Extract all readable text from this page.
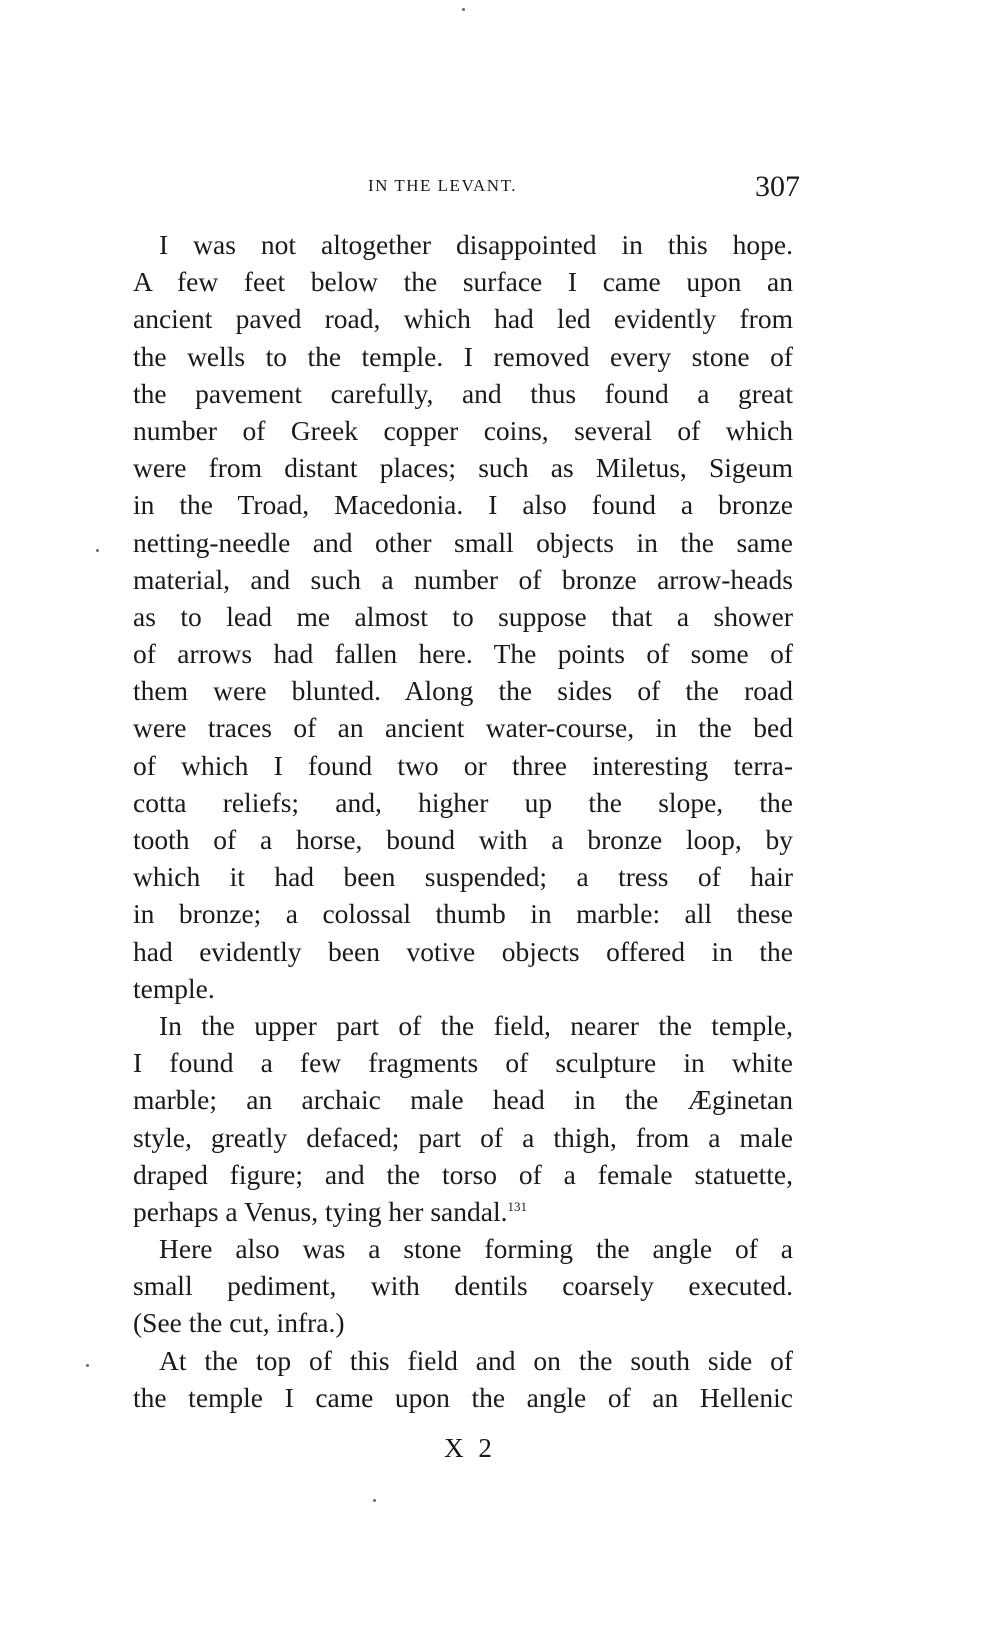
IN THE LEVANT.	307
I was not altogether disappointed in this hope.
A few feet below the surface I came upon an
ancient paved road, which had led evidently from
the wells to the temple. I removed every stone of
the pavement carefully, and thus found a great
number of Greek copper coins, several of which
were from distant places; such as Miletus, Sigeum
in the Troad, Macedonia. I also found a bronze
netting-needle and other small objects in the same
material, and such a number of bronze arrow-heads
as to lead me almost to suppose that a shower
of arrows had fallen here. The points of some of
them were blunted. Along the sides of the road
were traces of an ancient water-course, in the bed
of which I found two or three interesting terra-
cotta reliefs; and, higher up the slope, the
tooth of a horse, bound with a bronze loop, by
which it had been suspended; a tress of hair
in bronze; a colossal thumb in marble: all these
had evidently been votive objects offered in the
temple.
In the upper part of the field, nearer the temple,
I found a few fragments of sculpture in white
marble; an archaic male head in the Æginetan
style, greatly defaced; part of a thigh, from a male
draped figure; and the torso of a female statuette,
perhaps a Venus, tying her sandal.$^{131}$
Here also was a stone forming the angle of a
small pediment, with dentils coarsely executed.
(See the cut, infra.)
At the top of this field and on the south side of
the temple I came upon the angle of an Hellenic
X 2
